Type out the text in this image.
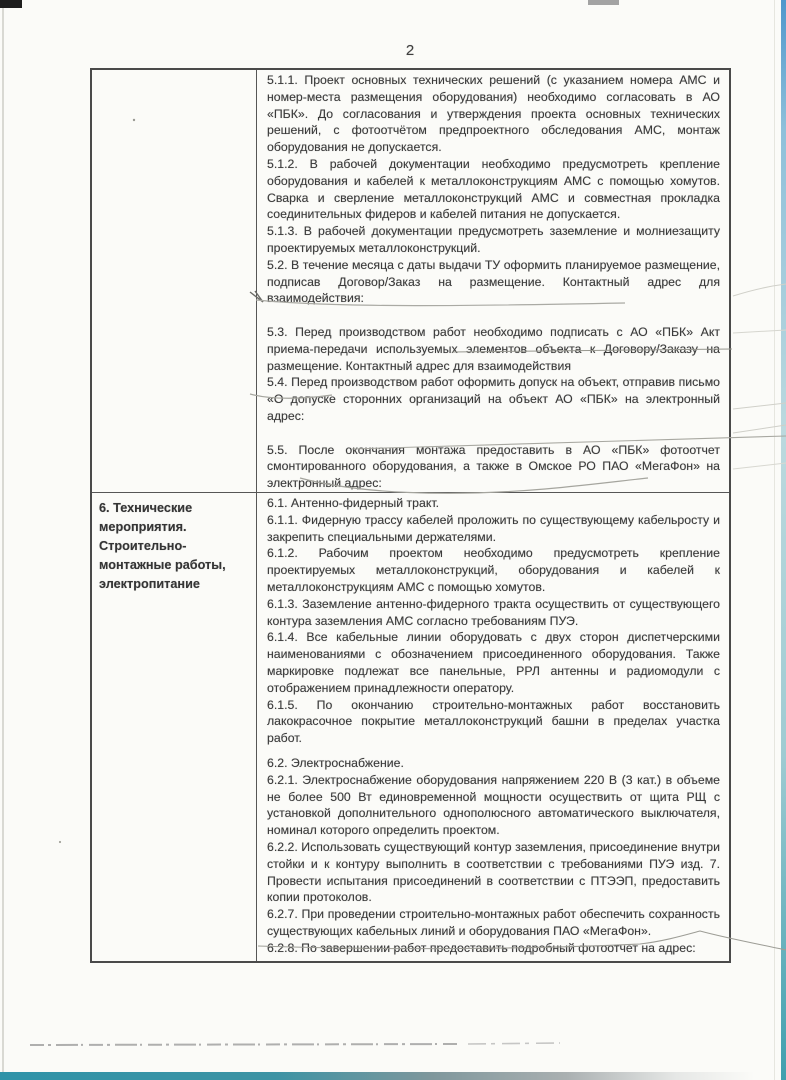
2

5.1.1. Проект основных технических решений (с указанием номера АМС и номер-места размещения оборудования) необходимо согласовать в АО «ПБК». До согласования и утверждения проекта основных технических решений, с фотоотчётом предпроектного обследования АМС, монтаж оборудования не допускается.

5.1.2. В рабочей документации необходимо предусмотреть крепление оборудования и кабелей к металлоконструкциям АМС с помощью хомутов. Сварка и сверление металлоконструкций АМС и совместная прокладка соединительных фидеров и кабелей питания не допускается.

5.1.3. В рабочей документации предусмотреть заземление и молниезащиту проектируемых металлоконструкций.

5.2. В течение месяца с даты выдачи ТУ оформить планируемое размещение, подписав Договор/Заказ на размещение. Контактный адрес для взаимодействия:

5.3. Перед производством работ необходимо подписать с АО «ПБК» Акт приема-передачи используемых элементов объекта к Договору/Заказу на размещение. Контактный адрес для взаимодействия

5.4. Перед производством работ оформить допуск на объект, отправив письмо «О допуске сторонних организаций на объект АО «ПБК» на электронный адрес:

5.5. После окончания монтажа предоставить в АО «ПБК» фотоотчет смонтированного оборудования, а также в Омское РО ПАО «МегаФон» на электронный адрес:

6. Технические мероприятия. Строительно-монтажные работы, электропитание

6.1. Антенно-фидерный тракт.

6.1.1. Фидерную трассу кабелей проложить по существующему кабельросту и закрепить специальными держателями.

6.1.2. Рабочим проектом необходимо предусмотреть крепление проектируемых металлоконструкций, оборудования и кабелей к металлоконструкциям АМС с помощью хомутов.

6.1.3. Заземление антенно-фидерного тракта осуществить от существующего контура заземления АМС согласно требованиям ПУЭ.

6.1.4. Все кабельные линии оборудовать с двух сторон диспетчерскими наименованиями с обозначением присоединенного оборудования. Также маркировке подлежат все панельные, РРЛ антенны и радиомодули с отображением принадлежности оператору.

6.1.5. По окончанию строительно-монтажных работ восстановить лакокрасочное покрытие металлоконструкций башни в пределах участка работ.

6.2. Электроснабжение.

6.2.1. Электроснабжение оборудования напряжением 220 В (3 кат.) в объеме не более 500 Вт единовременной мощности осуществить от щита РЩ с установкой дополнительного однополюсного автоматического выключателя, номинал которого определить проектом.

6.2.2. Использовать существующий контур заземления, присоединение внутри стойки и к контуру выполнить в соответствии с требованиями ПУЭ изд. 7. Провести испытания присоединений в соответствии с ПТЭЭП, предоставить копии протоколов.

6.2.7. При проведении строительно-монтажных работ обеспечить сохранность существующих кабельных линий и оборудования ПАО «МегаФон».

6.2.8. По завершении работ предоставить подробный фотоотчет на адрес:
